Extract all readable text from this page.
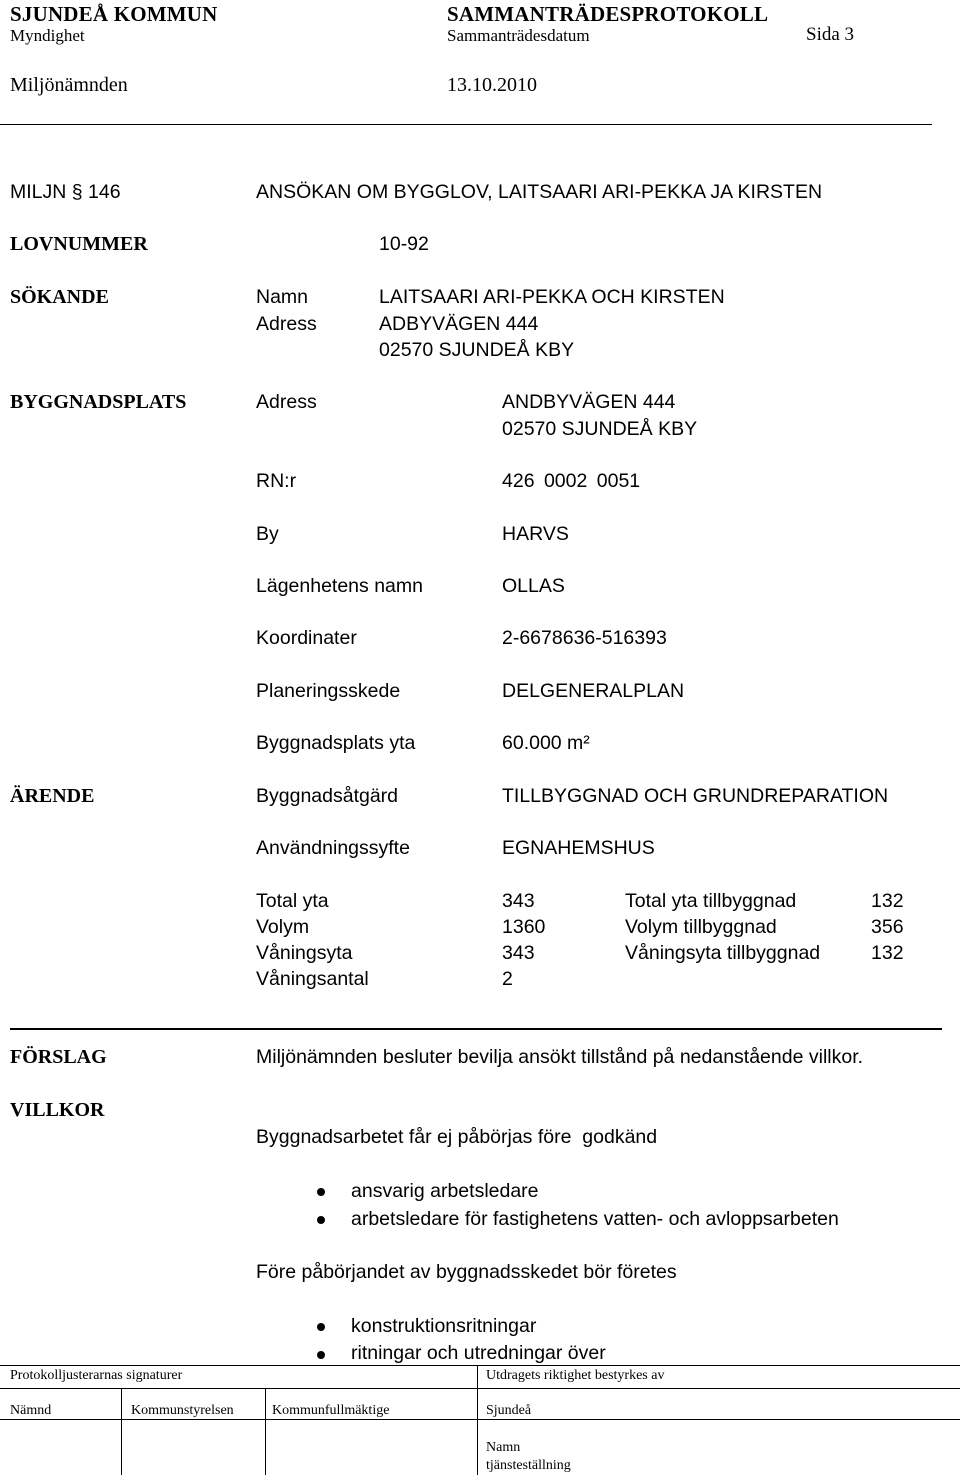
SJUNDEÅ KOMMUN	SAMMANTRÄDESPROTOKOLL
Myndighet	Sammanträdesdatum	Sida 3
Miljönämnden	13.10.2010
MILJN § 146	ANSÖKAN OM BYGGLOV, LAITSAARI ARI-PEKKA JA KIRSTEN
LOVNUMMER	10-92
SÖKANDE	Namn	LAITSAARI ARI-PEKKA OCH KIRSTEN
Adress	ADBYVÄGEN 444
02570 SJUNDEÅ KBY
BYGGNADSPLATS	Adress	ANDBYVÄGEN 444
02570 SJUNDEÅ KBY
RN:r	426 0002 0051
By	HARVS
Lägenhetens namn	OLLAS
Koordinater	2-6678636-516393
Planeringsskede	DELGENERALPLAN
Byggnadsplats yta	60.000 m²
ÄRENDE	Byggnadsåtgärd	TILLBYGGNAD OCH GRUNDREPARATION
Användningssyfte	EGNAHEMSHUS
Total yta	343	Total yta tillbyggnad	132
Volym	1360	Volym tillbyggnad	356
Våningsyta	343	Våningsyta tillbyggnad	132
Våningsantal	2
FÖRSLAG	Miljönämnden besluter bevilja ansökt tillstånd på nedanstående villkor.
VILLKOR
Byggnadsarbetet får ej påbörjas före  godkänd
ansvarig arbetsledare
arbetsledare för fastighetens vatten- och avloppsarbeten
Före påbörjandet av byggnadsskedet bör företes
konstruktionsritningar
ritningar och utredningar över
Protokolljusterarnas signaturer	Utdragets riktighet bestyrkes av
Nämnd	Kommunstyrelsen	Kommunfullmäktige	Sjundeå
Namn
tjänsteställning
